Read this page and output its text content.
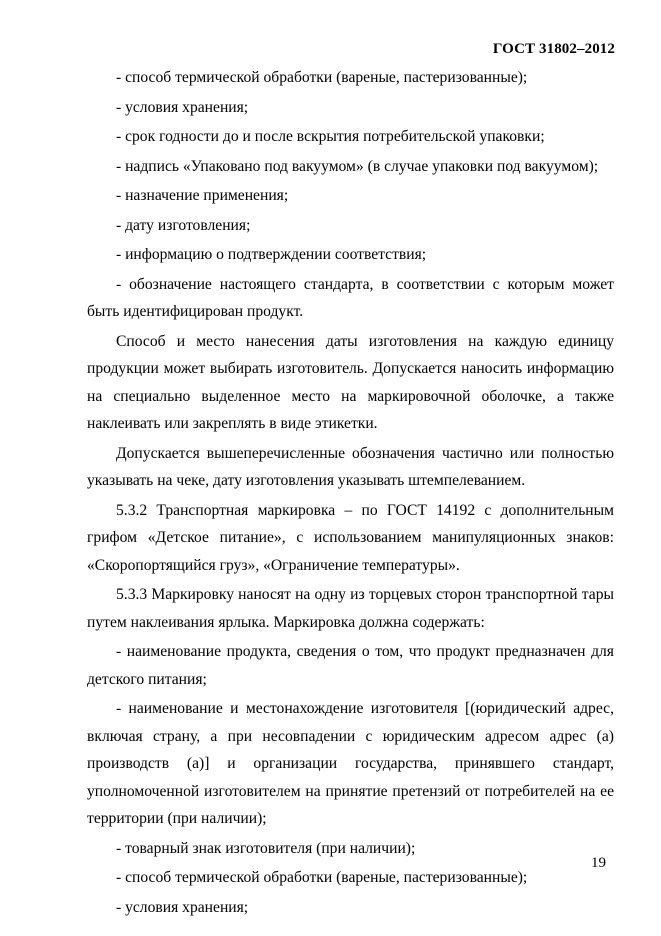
ГОСТ 31802–2012

- способ термической обработки (вареные, пастеризованные);

- условия хранения;

- срок годности до и после вскрытия потребительской упаковки;

- надпись «Упаковано под вакуумом» (в случае упаковки под вакуумом);

- назначение применения;

- дату изготовления;

- информацию о подтверждении соответствия;

- обозначение настоящего стандарта, в соответствии с которым может быть идентифицирован продукт.

Способ и место нанесения даты изготовления на каждую единицу продукции может выбирать изготовитель. Допускается наносить информацию на специально выделенное место на маркировочной оболочке, а также наклеивать или закреплять в виде этикетки.

Допускается вышеперечисленные обозначения частично или полностью указывать на чеке, дату изготовления указывать штемпелеванием.

5.3.2 Транспортная маркировка – по ГОСТ 14192 с дополнительным грифом «Детское питание», с использованием манипуляционных знаков: «Скоропортящийся груз», «Ограничение температуры».

5.3.3 Маркировку наносят на одну из торцевых сторон транспортной тары путем наклеивания ярлыка. Маркировка должна содержать:

- наименование продукта, сведения о том, что продукт предназначен для детского питания;

- наименование и местонахождение изготовителя [(юридический адрес, включая страну, а при несовпадении с юридическим адресом адрес (а) производств (а)] и организации государства, принявшего стандарт, уполномоченной изготовителем на принятие претензий от потребителей на ее территории (при наличии);

- товарный знак изготовителя (при наличии);

- способ термической обработки (вареные, пастеризованные);

- условия хранения;

19
